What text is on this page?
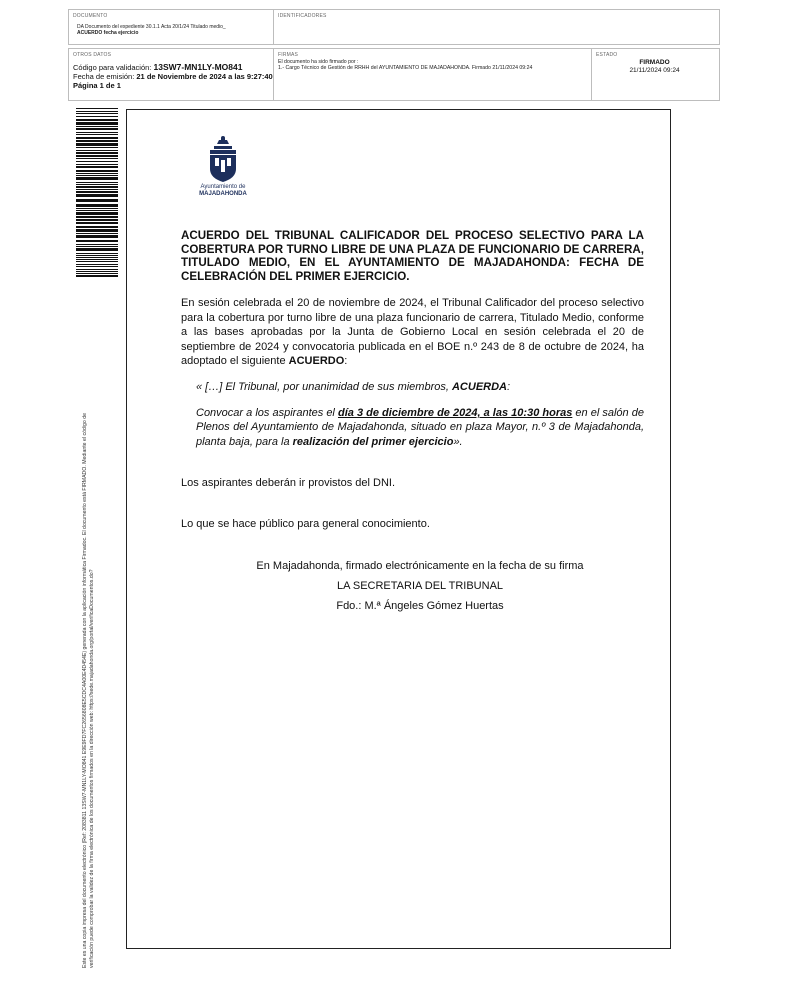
DOCUMENTO
DA Documento del expediente 30.1.1 Acta 20/1/24 Titulado medio_
ACUERDO fecha ejercicio
IDENTIFICADORES
OTROS DATOS
Código para validación: 13SW7-MN1LY-MO841
Fecha de emisión: 21 de Noviembre de 2024 a las 9:27:40
Página 1 de 1
FIRMAS
El documento ha sido firmado por :
1.- Cargo Técnico de Gestión de RRHH del AYUNTAMIENTO DE MAJADAHONDA. Firmado 21/11/2024 09:24
ESTADO
FIRMADO
21/11/2024 09:24
Este es una copia impresa del documento electrónico (Ref: 2083811 13SW7-MN1LY-MO841 E9E9FD7FC2656808E5CDC4A00E4D454E) generada con la aplicación informática Firmadoc. El documento está FIRMADO. Mediante el código de verificación puede comprobar la validez de la firma electrónica de los documentos firmados en la dirección web: https://sede.majadahonda.org/portal/verificaDocumentos.do?
Ayuntamiento de
MAJADAHONDA
ACUERDO DEL TRIBUNAL CALIFICADOR DEL PROCESO SELECTIVO PARA LA COBERTURA POR TURNO LIBRE DE UNA PLAZA DE FUNCIONARIO DE CARRERA, TITULADO MEDIO, EN EL AYUNTAMIENTO DE MAJADAHONDA: FECHA DE CELEBRACIÓN DEL PRIMER EJERCICIO.
En sesión celebrada el 20 de noviembre de 2024, el Tribunal Calificador del proceso selectivo para la cobertura por turno libre de una plaza funcionario de carrera, Titulado Medio, conforme a las bases aprobadas por la Junta de Gobierno Local en sesión celebrada el 20 de septiembre de 2024 y convocatoria publicada en el BOE n.º 243 de 8 de octubre de 2024, ha adoptado el siguiente ACUERDO:
« […] El Tribunal, por unanimidad de sus miembros, ACUERDA:
Convocar a los aspirantes el día 3 de diciembre de 2024, a las 10:30 horas en el salón de Plenos del Ayuntamiento de Majadahonda, situado en plaza Mayor, n.º 3 de Majadahonda, planta baja, para la realización del primer ejercicio».
Los aspirantes deberán ir provistos del DNI.
Lo que se hace público para general conocimiento.
En Majadahonda, firmado electrónicamente en la fecha de su firma
LA SECRETARIA DEL TRIBUNAL
Fdo.: M.ª Ángeles Gómez Huertas
